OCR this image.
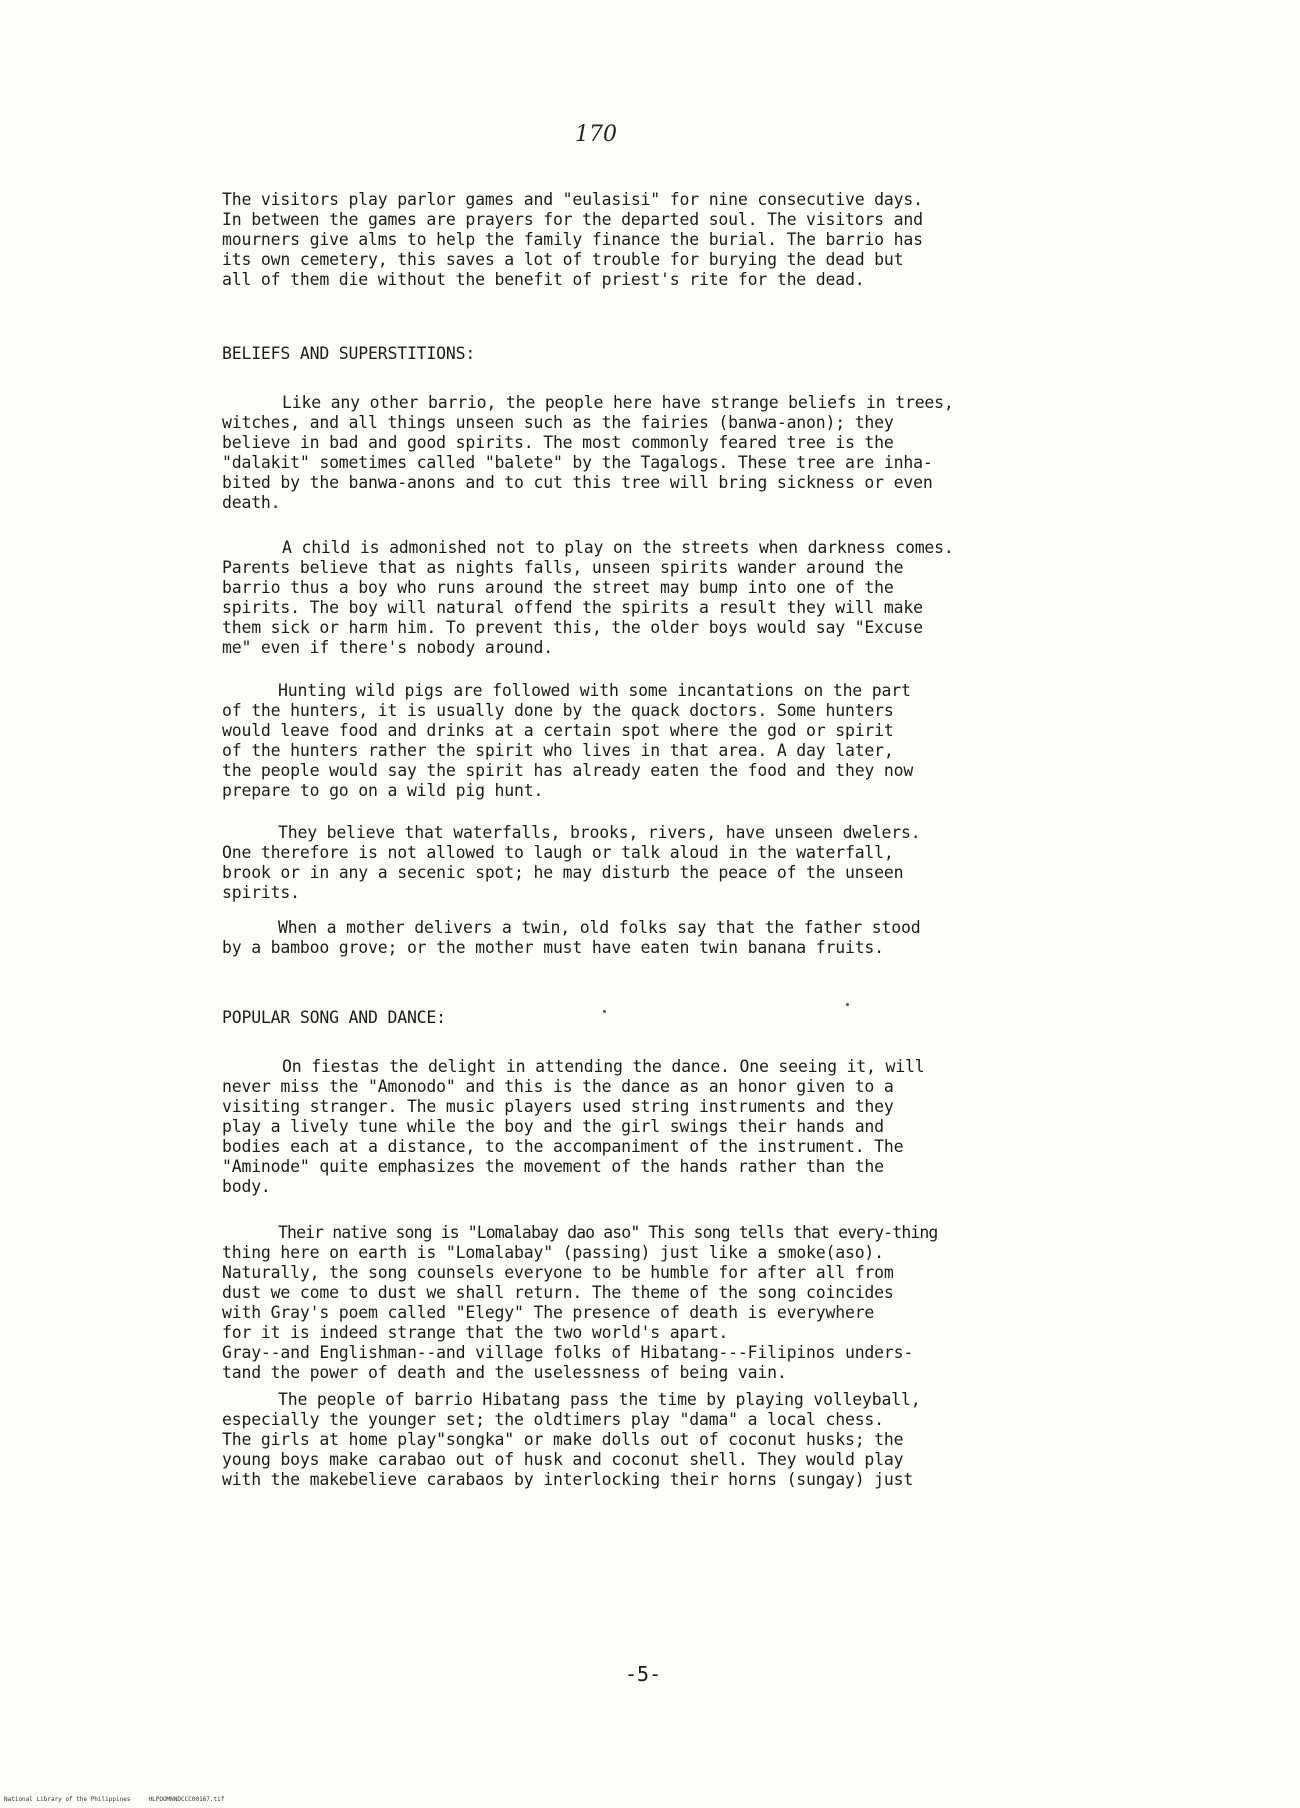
170
The visitors play parlor games and "eulasisi" for nine consecutive days.
In between the games are prayers for the departed soul. The visitors and
mourners give alms to help the family finance the burial. The barrio has
its own cemetery, this saves a lot of trouble for burying the dead but
all of them die without the benefit of priest's rite for the dead.
BELIEFS AND SUPERSTITIONS:
Like any other barrio, the people here have strange beliefs in trees,
witches, and all things unseen such as the fairies (banwa-anon); they
believe in bad and good spirits. The most commonly feared tree is the
"dalakit" sometimes called "balete" by the Tagalogs. These tree are inha-
bited by the banwa-anons and to cut this tree will bring sickness or even
death.
A child is admonished not to play on the streets when darkness comes.
Parents believe that as nights falls, unseen spirits wander around the
barrio thus a boy who runs around the street may bump into one of the
spirits. The boy will natural offend the spirits a result they will make
them sick or harm him. To prevent this, the older boys would say "Excuse
me" even if there's nobody around.
Hunting wild pigs are followed with some incantations on the part
of the hunters, it is usually done by the quack doctors. Some hunters
would leave food and drinks at a certain spot where the god or spirit
of the hunters rather the spirit who lives in that area. A day later,
the people would say the spirit has already eaten the food and they now
prepare to go on a wild pig hunt.
They believe that waterfalls, brooks, rivers, have unseen dwelers.
One therefore is not allowed to laugh or talk aloud in the waterfall,
brook or in any a secenic spot; he may disturb the peace of the unseen
spirits.
When a mother delivers a twin, old folks say that the father stood
by a bamboo grove; or the mother must have eaten twin banana fruits.
POPULAR SONG AND DANCE:
On fiestas the delight in attending the dance. One seeing it, will
never miss the "Amonodo" and this is the dance as an honor given to a
visiting stranger. The music players used string instruments and they
play a lively tune while the boy and the girl swings their hands and
bodies each at a distance, to the accompaniment of the instrument. The
"Aminode" quite emphasizes the movement of the hands rather than the
body.
Their native song is "Lomalabay dao aso" This song tells that every-thing
thing here on earth is "Lomalabay" (passing) just like a smoke(aso).
Naturally, the song counsels everyone to be humble for after all from
dust we come to dust we shall return. The theme of the song coincides
with Gray's poem called "Elegy" The presence of death is everywhere
for it is indeed strange that the two world's apart.
Gray--and Englishman--and village folks of Hibatang---Filipinos unders-
tand the power of death and the uselessness of being vain.
The people of barrio Hibatang pass the time by playing volleyball,
especially the younger set; the oldtimers play "dama" a local chess.
The girls at home play"songka" or make dolls out of coconut husks; the
young boys make carabao out of husk and coconut shell. They would play
with the makebelieve carabaos by interlocking their horns (sungay) just
-5-
National Library of the Philippines	HLPOOMNNDCCC00167.tif
